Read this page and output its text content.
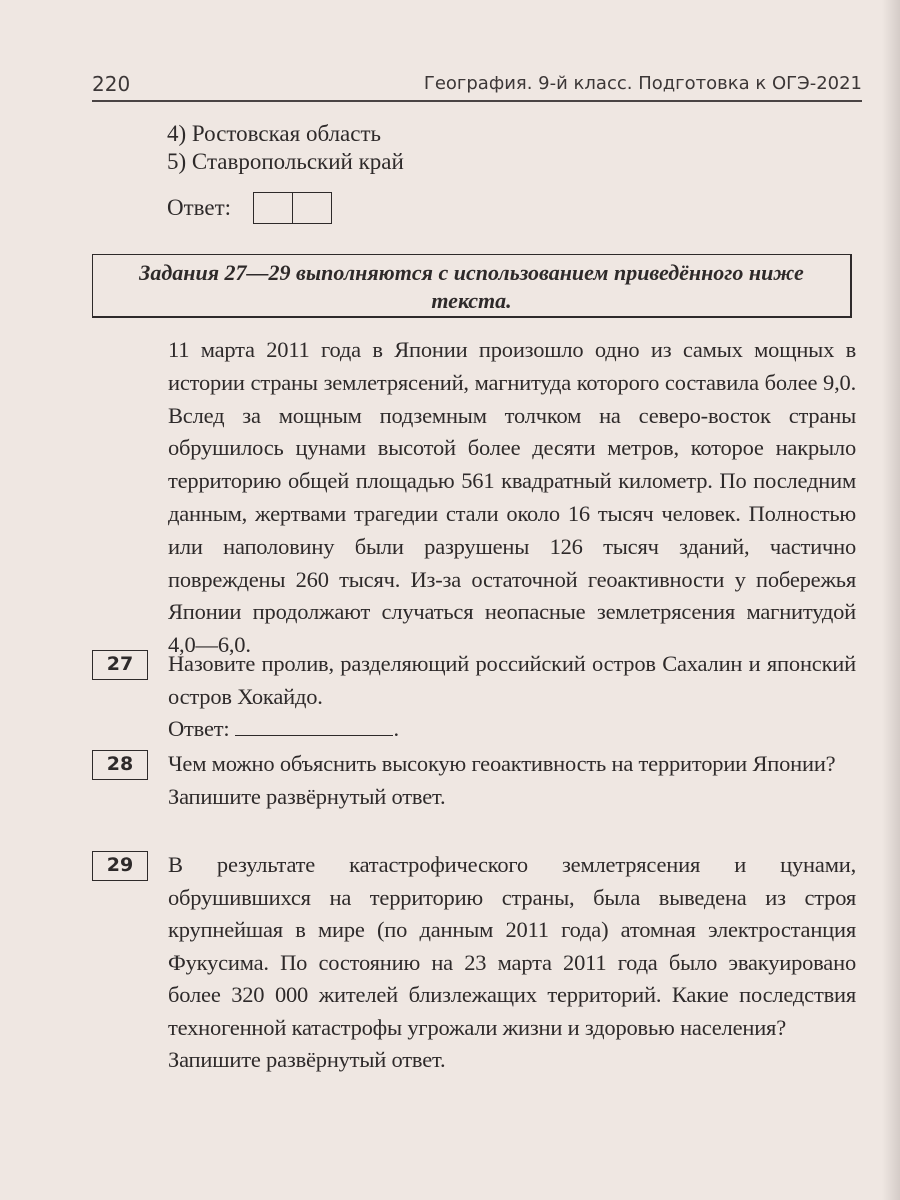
220	География. 9-й класс. Подготовка к ОГЭ-2021
4) Ростовская область
5) Ставропольский край
Ответ:
Задания 27—29 выполняются с использованием приведённого ниже текста.
11 марта 2011 года в Японии произошло одно из самых мощных в истории страны землетрясений, магнитуда которого составила более 9,0. Вслед за мощным подземным толчком на северо-восток страны обрушилось цунами высотой более десяти метров, которое накрыло территорию общей площадью 561 квадратный километр. По последним данным, жертвами трагедии стали около 16 тысяч человек. Полностью или наполовину были разрушены 126 тысяч зданий, частично повреждены 260 тысяч. Из-за остаточной геоактивности у побережья Японии продолжают случаться неопасные землетрясения магнитудой 4,0—6,0.
27	Назовите пролив, разделяющий российский остров Сахалин и японский остров Хокайдо.

Ответ:	.

28	Чем можно объяснить высокую геоактивность на территории Японии?

Запишите развёрнутый ответ.

29	В результате катастрофического землетрясения и цунами, обрушившихся на территорию страны, была выведена из строя крупнейшая в мире (по данным 2011 года) атомная электростанция Фукусима. По состоянию на 23 марта 2011 года было эвакуировано более 320 000 жителей близлежащих территорий. Какие последствия техногенной катастрофы угрожали жизни и здоровью населения?

Запишите развёрнутый ответ.
